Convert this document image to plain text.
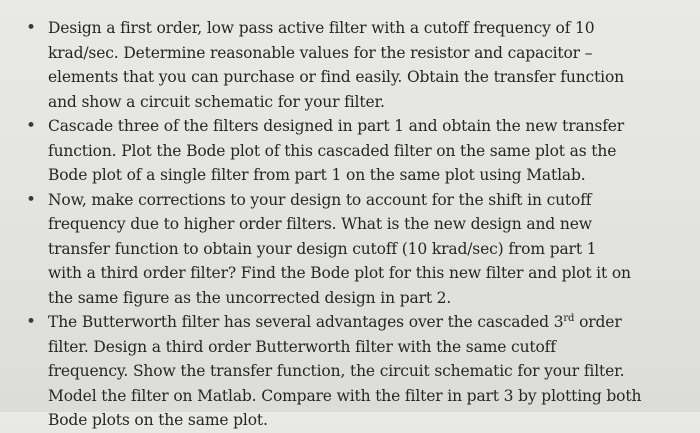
• Design a first order, low pass active filter with a cutoff frequency of 10
krad/sec. Determine reasonable values for the resistor and capacitor –
elements that you can purchase or find easily. Obtain the transfer function
and show a circuit schematic for your filter.
• Cascade three of the filters designed in part 1 and obtain the new transfer
function. Plot the Bode plot of this cascaded filter on the same plot as the
Bode plot of a single filter from part 1 on the same plot using Matlab.
• Now, make corrections to your design to account for the shift in cutoff
frequency due to higher order filters. What is the new design and new
transfer function to obtain your design cutoff (10 krad/sec) from part 1
with a third order filter? Find the Bode plot for this new filter and plot it on
the same figure as the uncorrected design in part 2.
• The Butterworth filter has several advantages over the cascaded 3rd order
filter. Design a third order Butterworth filter with the same cutoff
frequency. Show the transfer function, the circuit schematic for your filter.
Model the filter on Matlab. Compare with the filter in part 3 by plotting both
Bode plots on the same plot.
